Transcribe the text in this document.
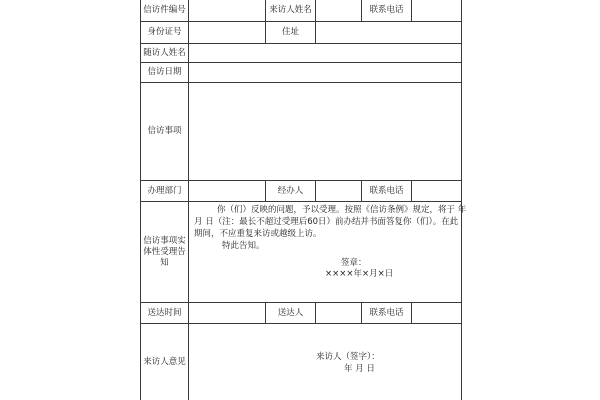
信访件编号	来访人姓名	联系电话
身份证号	住址
随访人姓名
信访日期
信访事项
办理部门	经办人	联系电话
信访事项实体性受理告知
你（们）反映的问题，予以受理。按照《信访条例》规定，将于 年
月 日（注：最长不超过受理后60日）前办结并书面答复你（们）。在此
期间，不应重复来访或越级上访。
特此告知。
签章：
××××年×月×日
送达时间	送达人	联系电话
来访人意见	来访人（签字）：
年 月 日
